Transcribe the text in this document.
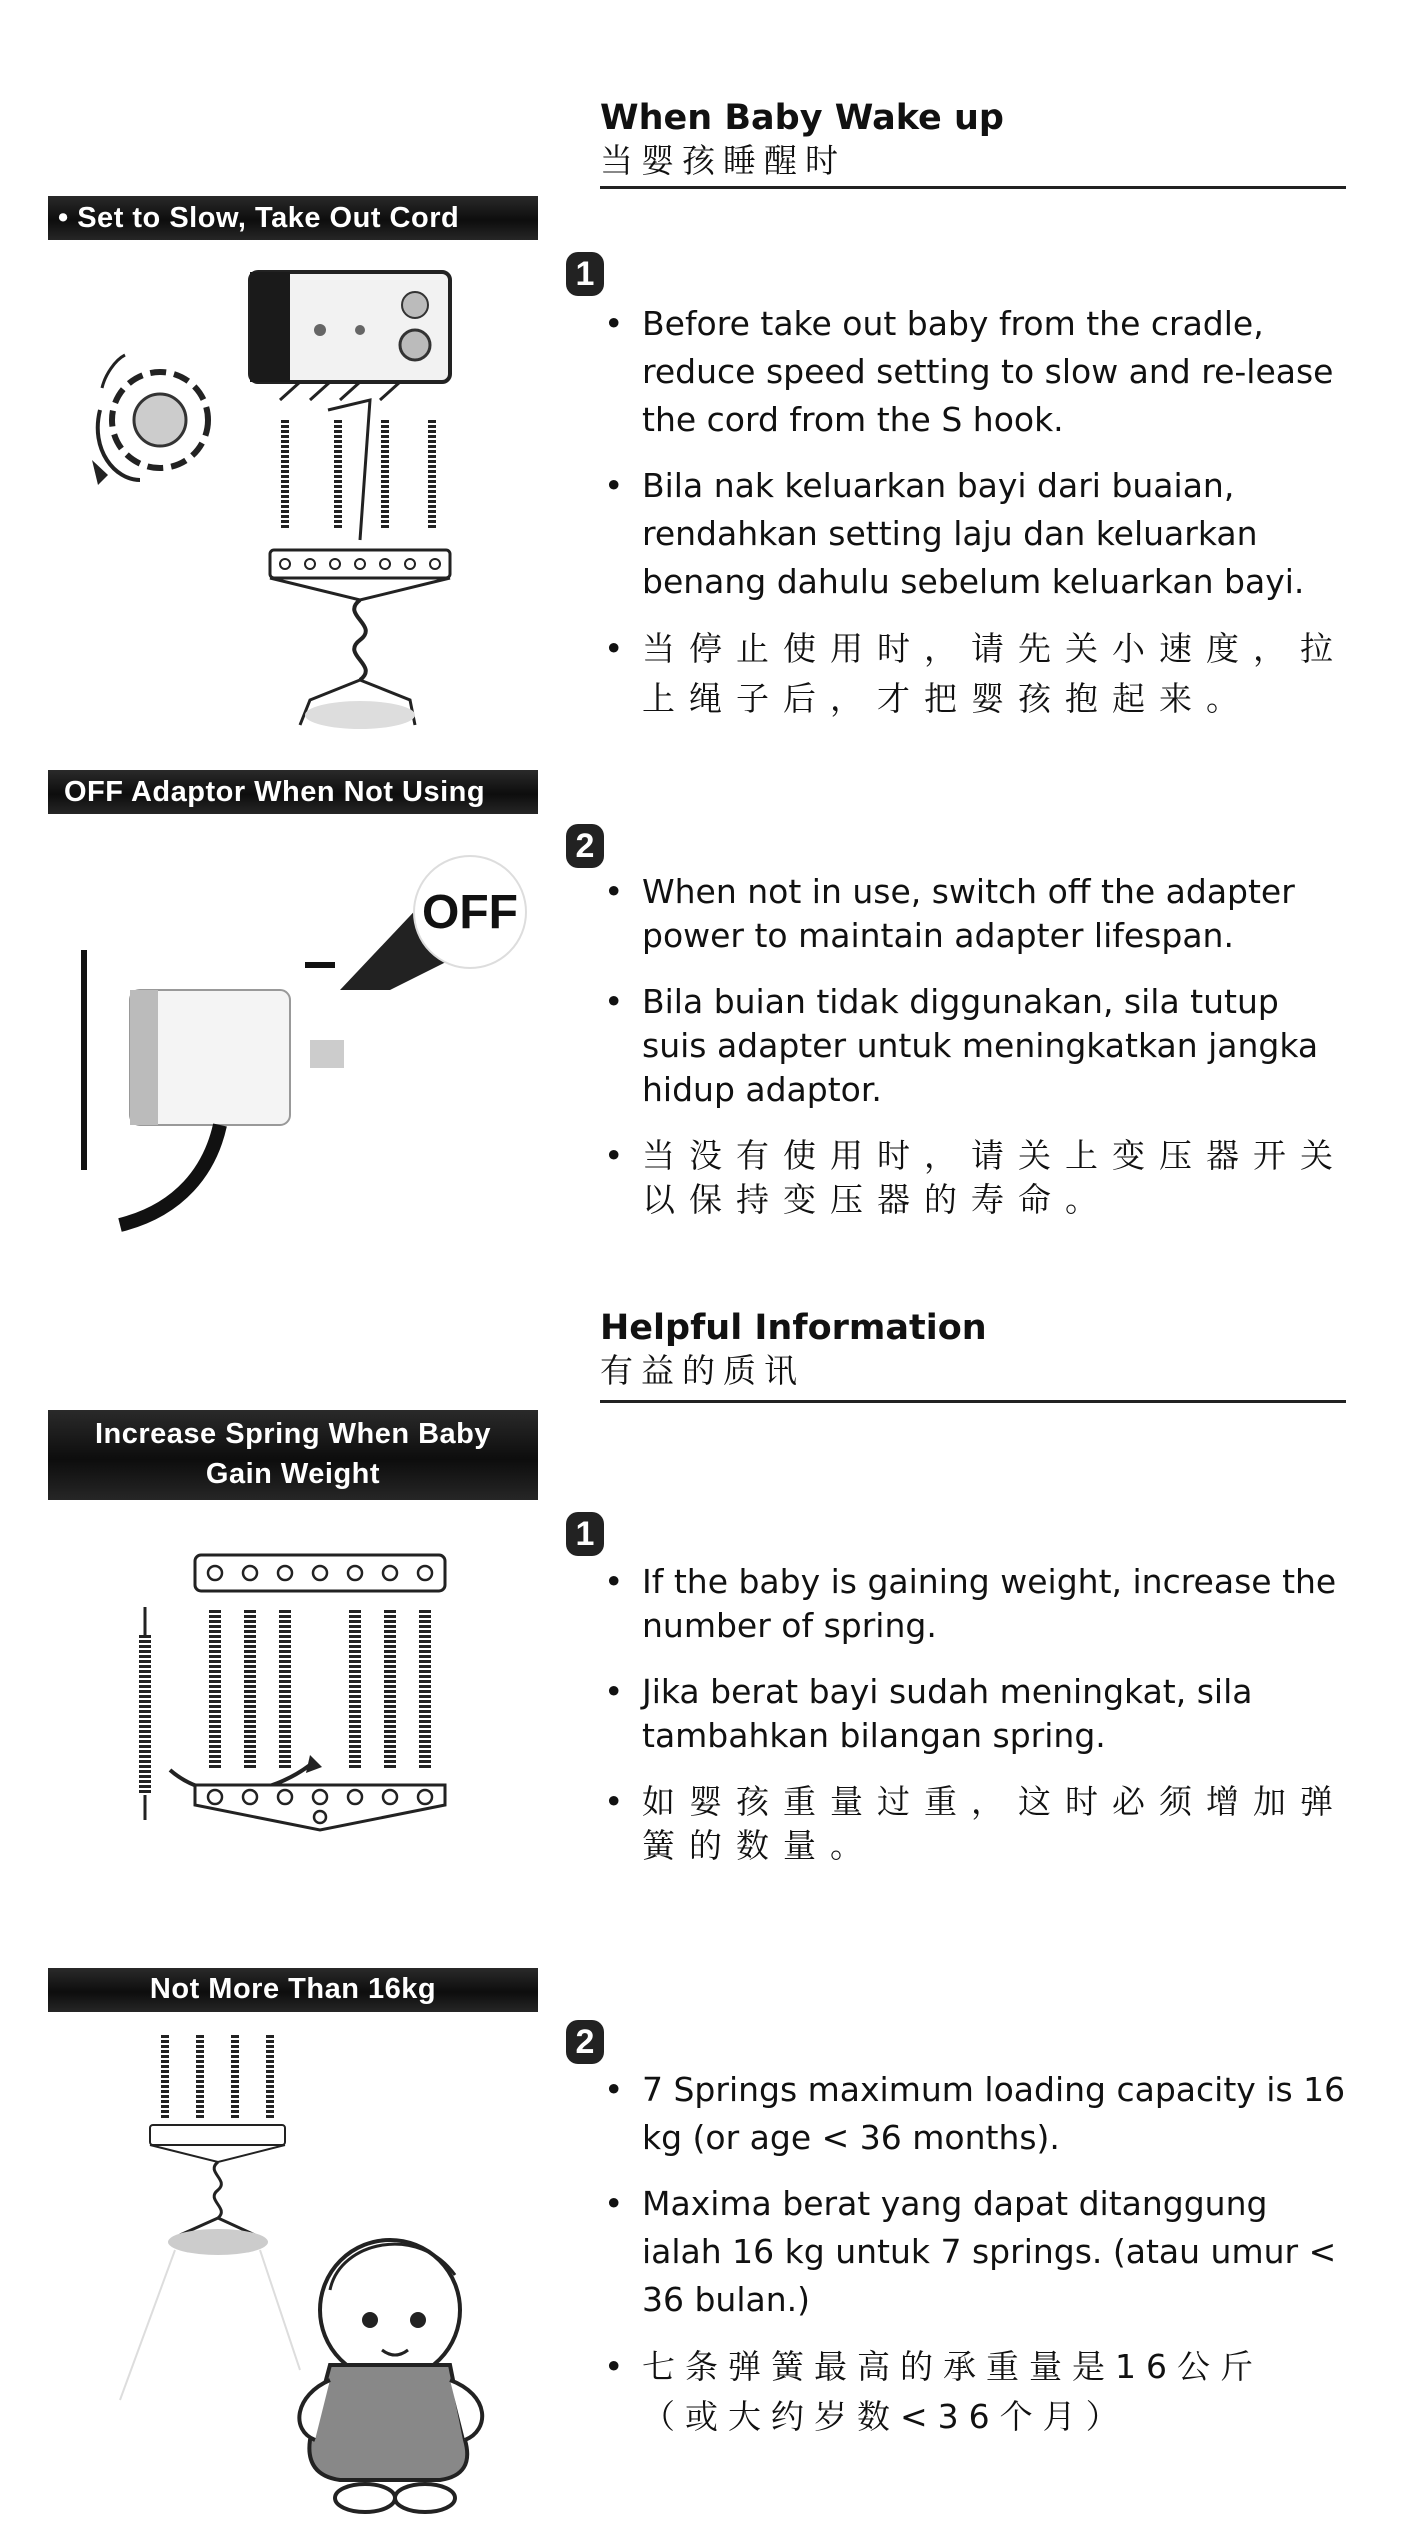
When Baby Wake up
当婴孩睡醒时
• Set to Slow, Take Out Cord
1
• Before take out baby from the cradle, reduce speed setting to slow and re-lease the cord from the S hook.
• Bila nak keluarkan bayi dari buaian, rendahkan setting laju dan keluarkan benang dahulu sebelum keluarkan bayi.
• 当停止使用时，请先关小速度，拉上绳子后，才把婴孩抱起来。
OFF Adaptor When Not Using
OFF
2
• When not in use, switch off the adapter power to maintain adapter lifespan.
• Bila buian tidak diggunakan, sila tutup suis adapter untuk meningkatkan jangka hidup adaptor.
• 当没有使用时，请关上变压器开关以保持变压器的寿命。
Helpful Information
有益的质讯
Increase Spring When Baby
Gain Weight
1
• If the baby is gaining weight, increase the number of spring.
• Jika berat bayi sudah meningkat, sila tambahkan bilangan spring.
• 如婴孩重量过重，这时必须增加弹簧的数量。
Not More Than 16kg
2
• 7 Springs maximum loading capacity is 16 kg (or age < 36 months).
• Maxima berat yang dapat ditanggung ialah 16 kg untuk 7 springs. (atau umur < 36 bulan.)
• 七条弹簧最高的承重量是16公斤（或大约岁数<36个月）
